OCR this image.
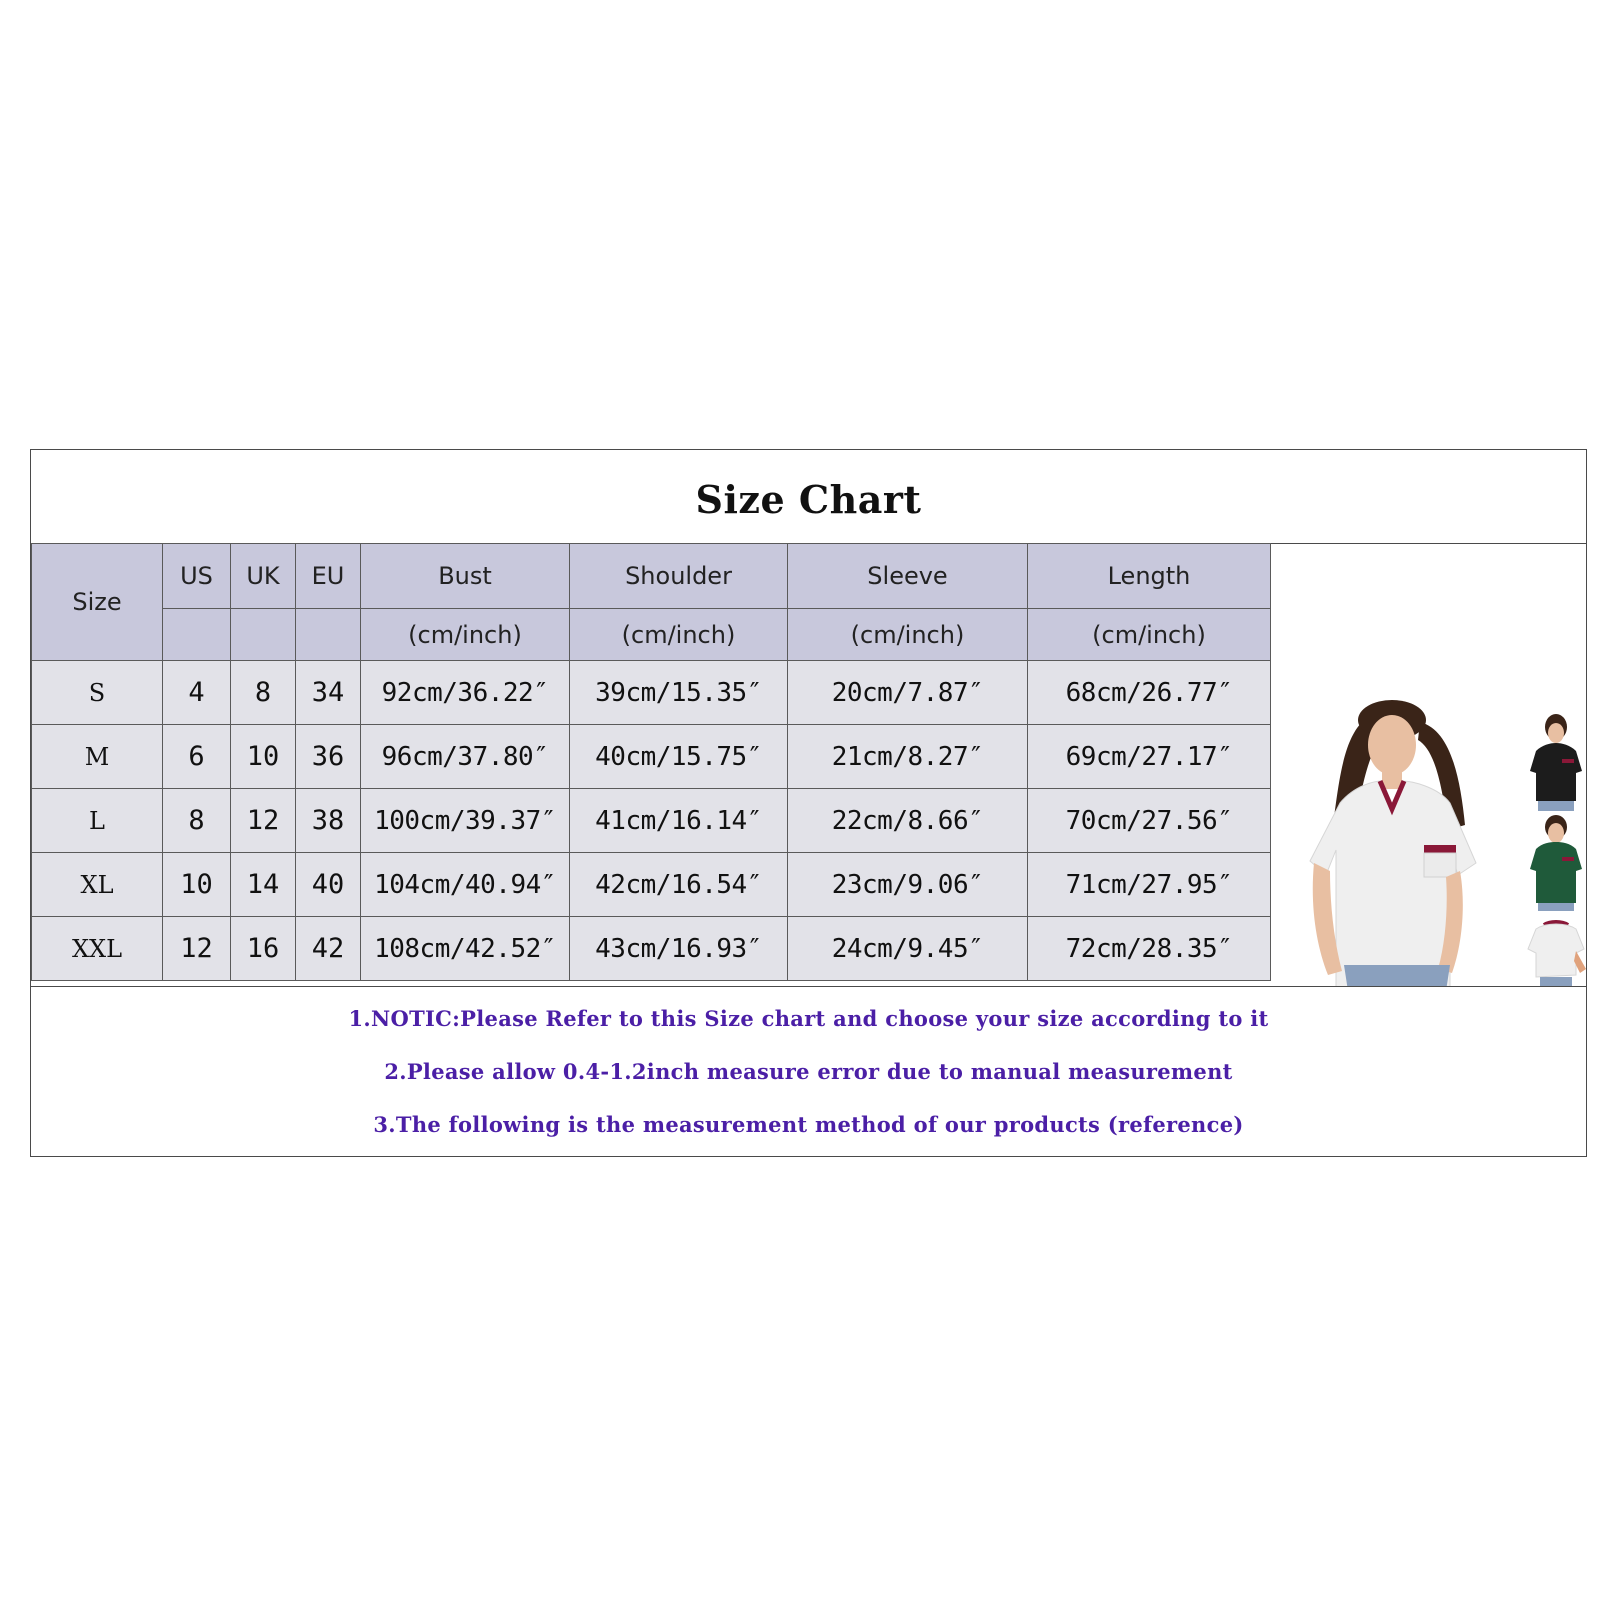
Size Chart
Size	US	UK	EU	Bust	Shoulder	Sleeve	Length
				(cm/inch)	(cm/inch)	(cm/inch)	(cm/inch)
S	4	8	34	92cm/36.22″	39cm/15.35″	20cm/7.87″	68cm/26.77″
M	6	10	36	96cm/37.80″	40cm/15.75″	21cm/8.27″	69cm/27.17″
L	8	12	38	100cm/39.37″	41cm/16.14″	22cm/8.66″	70cm/27.56″
XL	10	14	40	104cm/40.94″	42cm/16.54″	23cm/9.06″	71cm/27.95″
XXL	12	16	42	108cm/42.52″	43cm/16.93″	24cm/9.45″	72cm/28.35″

1.NOTIC:Please Refer to this Size chart and choose your size according to it

2.Please allow 0.4-1.2inch measure error due to manual measurement

3.The following is the measurement method of our products (reference)
